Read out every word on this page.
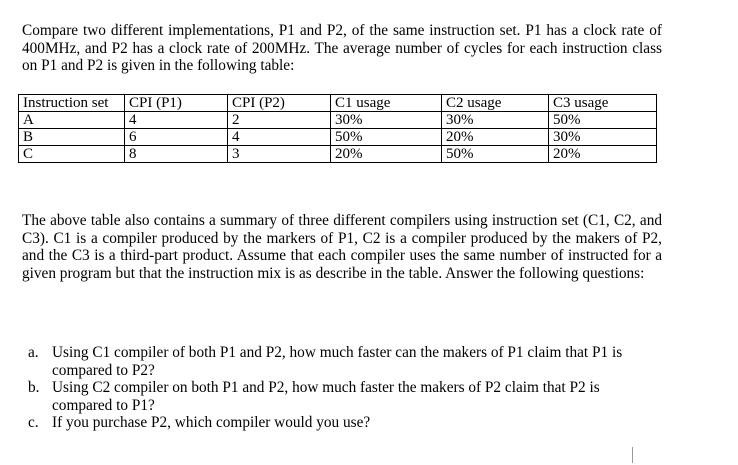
Compare two different implementations, P1 and P2, of the same instruction set. P1 has a clock rate of 400MHz, and P2 has a clock rate of 200MHz. The average number of cycles for each instruction class on P1 and P2 is given in the following table:
Instruction set	CPI (P1)	CPI (P2)	C1 usage	C2 usage	C3 usage
A	4	2	30%	30%	50%
B	6	4	50%	20%	30%
C	8	3	20%	50%	20%
The above table also contains a summary of three different compilers using instruction set (C1, C2, and C3). C1 is a compiler produced by the markers of P1, C2 is a compiler produced by the makers of P2, and the C3 is a third-part product. Assume that each compiler uses the same number of instructed for a given program but that the instruction mix is as describe in the table. Answer the following questions:
a. Using C1 compiler of both P1 and P2, how much faster can the makers of P1 claim that P1 is compared to P2?
b. Using C2 compiler on both P1 and P2, how much faster the makers of P2 claim that P2 is compared to P1?
c. If you purchase P2, which compiler would you use?
